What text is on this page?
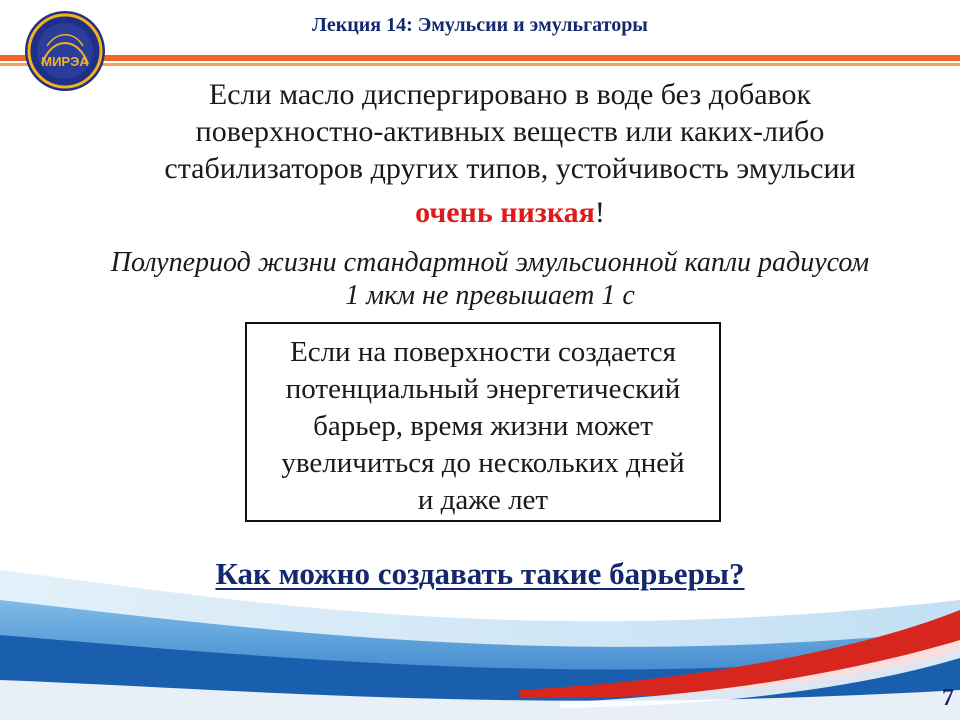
МИРЭА
Лекция 14: Эмульсии и эмульгаторы
Если масло диспергировано в воде без добавок
поверхностно-активных веществ или каких-либо
стабилизаторов других типов, устойчивость эмульсии
очень низкая!
Полупериод жизни стандартной эмульсионной капли радиусом
1 мкм не превышает 1 с
Если на поверхности создается
потенциальный энергетический
барьер, время жизни может
увеличиться до нескольких дней
и даже лет
Как можно создавать такие барьеры?
7
